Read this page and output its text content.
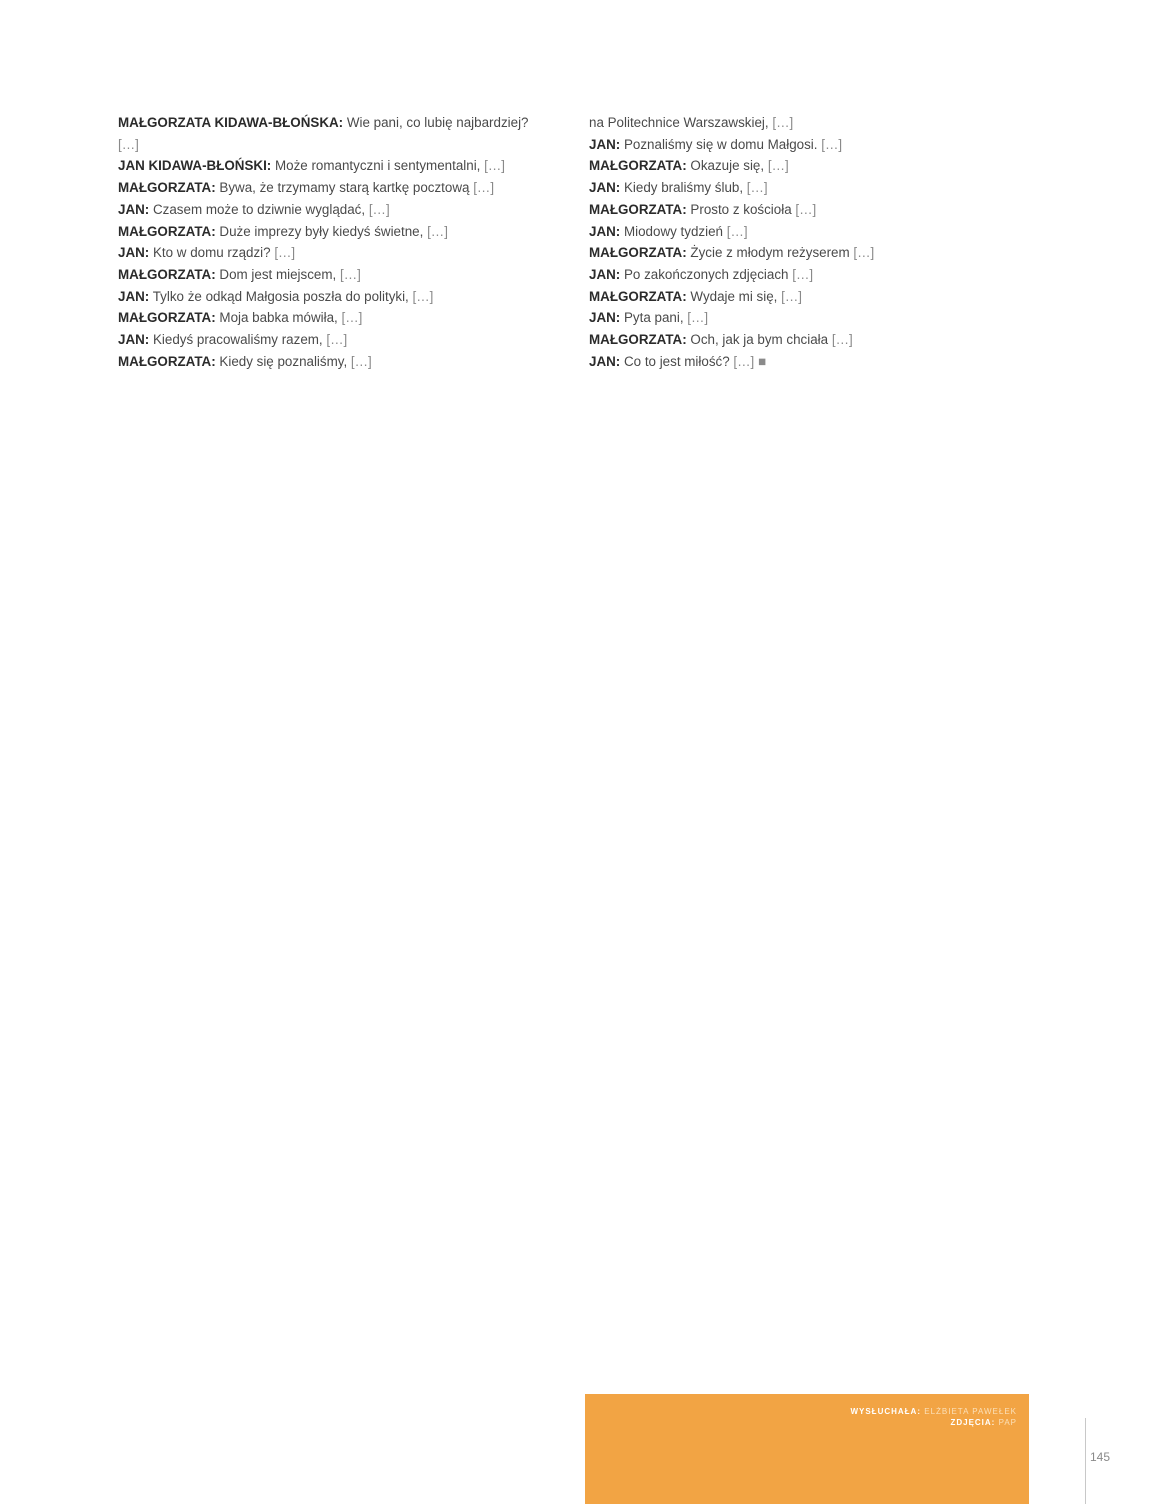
MAŁGORZATA KIDAWA-BŁOŃSKA: Wie pani, co lubię najbardziej? […]

JAN KIDAWA-BŁOŃSKI: Może romantyczni i sentymentalni, […]

MAŁGORZATA: Bywa, że trzymamy starą kartkę pocztową […]

JAN: Czasem może to dziwnie wyglądać, […]

MAŁGORZATA: Duże imprezy były kiedyś świetne, […]

JAN: Kto w domu rządzi? […]

MAŁGORZATA: Dom jest miejscem, […]

JAN: Tylko że odkąd Małgosia poszła do polityki, […]

MAŁGORZATA: Moja babka mówiła, […]

JAN: Kiedyś pracowaliśmy razem, […]

MAŁGORZATA: Kiedy się poznaliśmy, […]

na Politechnice Warszawskiej, […]

JAN: Poznaliśmy się w domu Małgosi. […]

MAŁGORZATA: Okazuje się, […]

JAN: Kiedy braliśmy ślub, […]

MAŁGORZATA: Prosto z kościoła […]

JAN: Miodowy tydzień […]

MAŁGORZATA: Życie z młodym reżyserem […]

JAN: Po zakończonych zdjęciach […]

MAŁGORZATA: Wydaje mi się, […]

JAN: Pyta pani, […]

MAŁGORZATA: Och, jak ja bym chciała […]

JAN: Co to jest miłość? […] ■

WYSŁUCHAŁA: ELŻBIETA PAWEŁEK
ZDJĘCIA: PAP
145
